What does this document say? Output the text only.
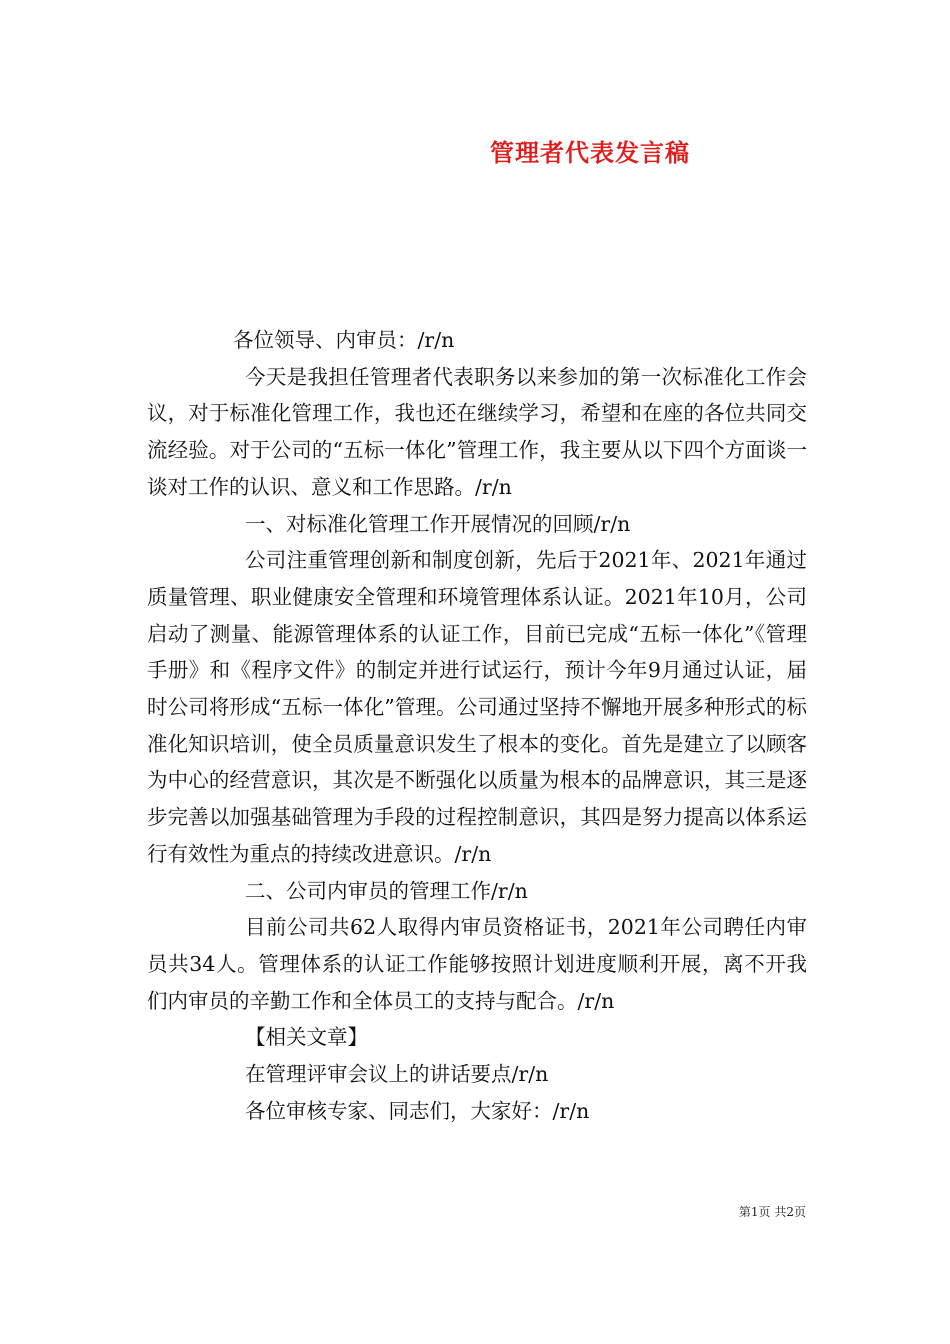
管理者代表发言稿

各位领导、内审员：/r/n

今天是我担任管理者代表职务以来参加的第一次标准化工作会议，对于标准化管理工作，我也还在继续学习，希望和在座的各位共同交流经验。对于公司的“五标一体化”管理工作，我主要从以下四个方面谈一谈对工作的认识、意义和工作思路。/r/n

一、对标准化管理工作开展情况的回顾/r/n

公司注重管理创新和制度创新，先后于2021年、2021年通过质量管理、职业健康安全管理和环境管理体系认证。2021年10月，公司启动了测量、能源管理体系的认证工作，目前已完成“五标一体化”《管理手册》和《程序文件》的制定并进行试运行，预计今年9月通过认证，届时公司将形成“五标一体化”管理。公司通过坚持不懈地开展多种形式的标准化知识培训，使全员质量意识发生了根本的变化。首先是建立了以顾客为中心的经营意识，其次是不断强化以质量为根本的品牌意识，其三是逐步完善以加强基础管理为手段的过程控制意识，其四是努力提高以体系运行有效性为重点的持续改进意识。/r/n

二、公司内审员的管理工作/r/n

目前公司共62人取得内审员资格证书，2021年公司聘任内审员共34人。管理体系的认证工作能够按照计划进度顺利开展，离不开我们内审员的辛勤工作和全体员工的支持与配合。/r/n

【相关文章】

在管理评审会议上的讲话要点/r/n

各位审核专家、同志们，大家好：/r/n

第1页 共2页
